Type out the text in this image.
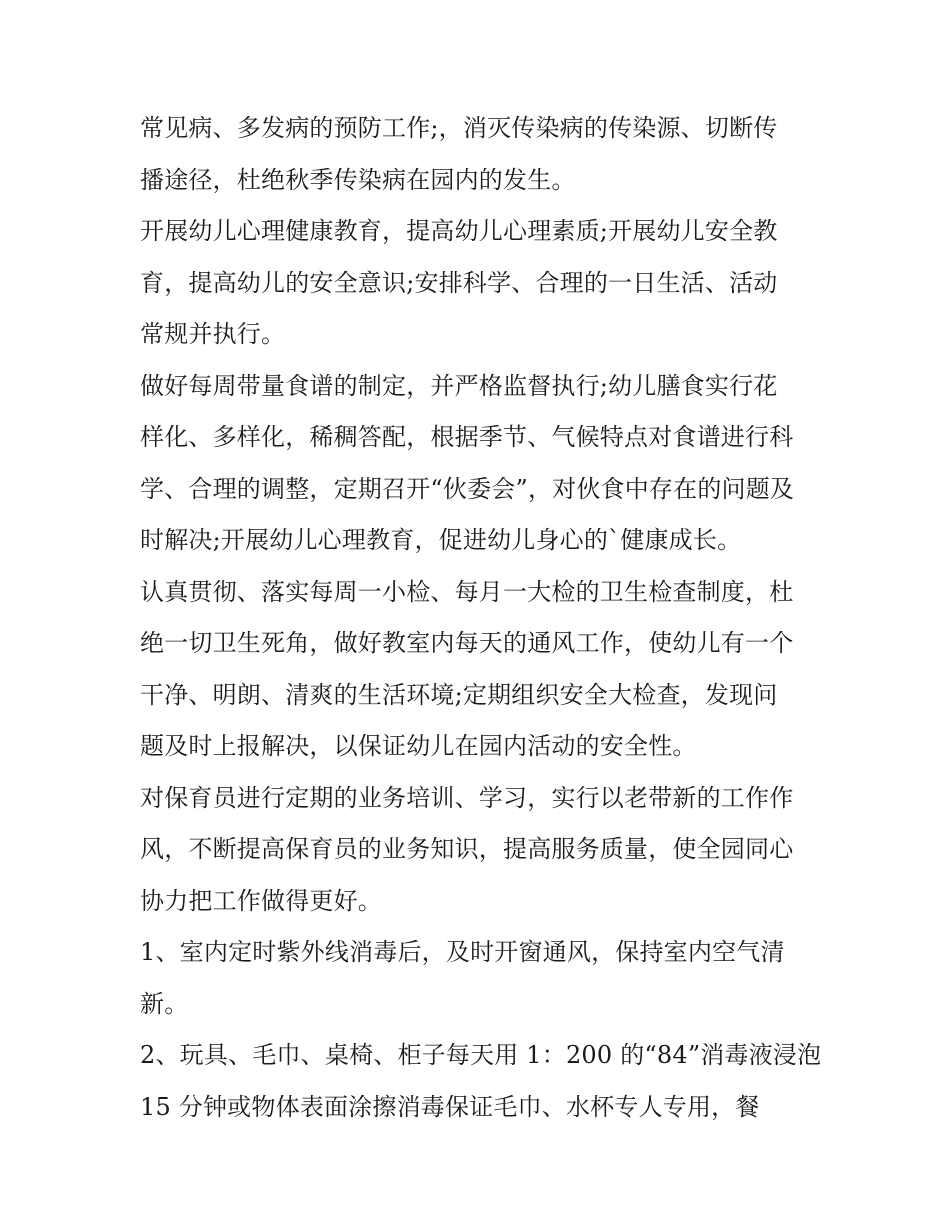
常见病、多发病的预防工作;，消灭传染病的传染源、切断传
播途径，杜绝秋季传染病在园内的发生。
开展幼儿心理健康教育，提高幼儿心理素质;开展幼儿安全教
育，提高幼儿的安全意识;安排科学、合理的一日生活、活动
常规并执行。
做好每周带量食谱的制定，并严格监督执行;幼儿膳食实行花
样化、多样化，稀稠答配，根据季节、气候特点对食谱进行科
学、合理的调整，定期召开“伙委会”，对伙食中存在的问题及
时解决;开展幼儿心理教育，促进幼儿身心的`健康成长。
认真贯彻、落实每周一小检、每月一大检的卫生检查制度，杜
绝一切卫生死角，做好教室内每天的通风工作，使幼儿有一个
干净、明朗、清爽的生活环境;定期组织安全大检查，发现问
题及时上报解决，以保证幼儿在园内活动的安全性。
对保育员进行定期的业务培训、学习，实行以老带新的工作作
风，不断提高保育员的业务知识，提高服务质量，使全园同心
协力把工作做得更好。
1、室内定时紫外线消毒后，及时开窗通风，保持室内空气清
新。
2、玩具、毛巾、桌椅、柜子每天用 1：200 的“84”消毒液浸泡
15 分钟或物体表面涂擦消毒保证毛巾、水杯专人专用，餐
